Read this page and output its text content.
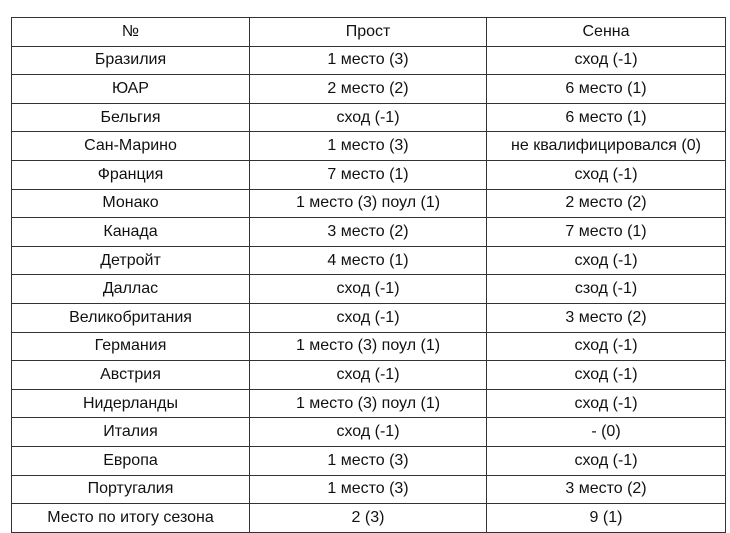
№	Прост	Сенна
Бразилия	1 место (3)	сход (-1)
ЮАР	2 место (2)	6 место (1)
Бельгия	сход (-1)	6 место (1)
Сан-Марино	1 место (3)	не квалифицировался (0)
Франция	7 место (1)	сход (-1)
Монако	1 место (3) поул (1)	2 место (2)
Канада	3 место (2)	7 место (1)
Детройт	4 место (1)	сход (-1)
Даллас	сход (-1)	сзод (-1)
Великобритания	сход (-1)	3 место (2)
Германия	1 место (3) поул (1)	сход (-1)
Австрия	сход (-1)	сход (-1)
Нидерланды	1 место (3) поул (1)	сход (-1)
Италия	сход (-1)	- (0)
Европа	1 место (3)	сход (-1)
Португалия	1 место (3)	3 место (2)
Место по итогу сезона	2 (3)	9 (1)
